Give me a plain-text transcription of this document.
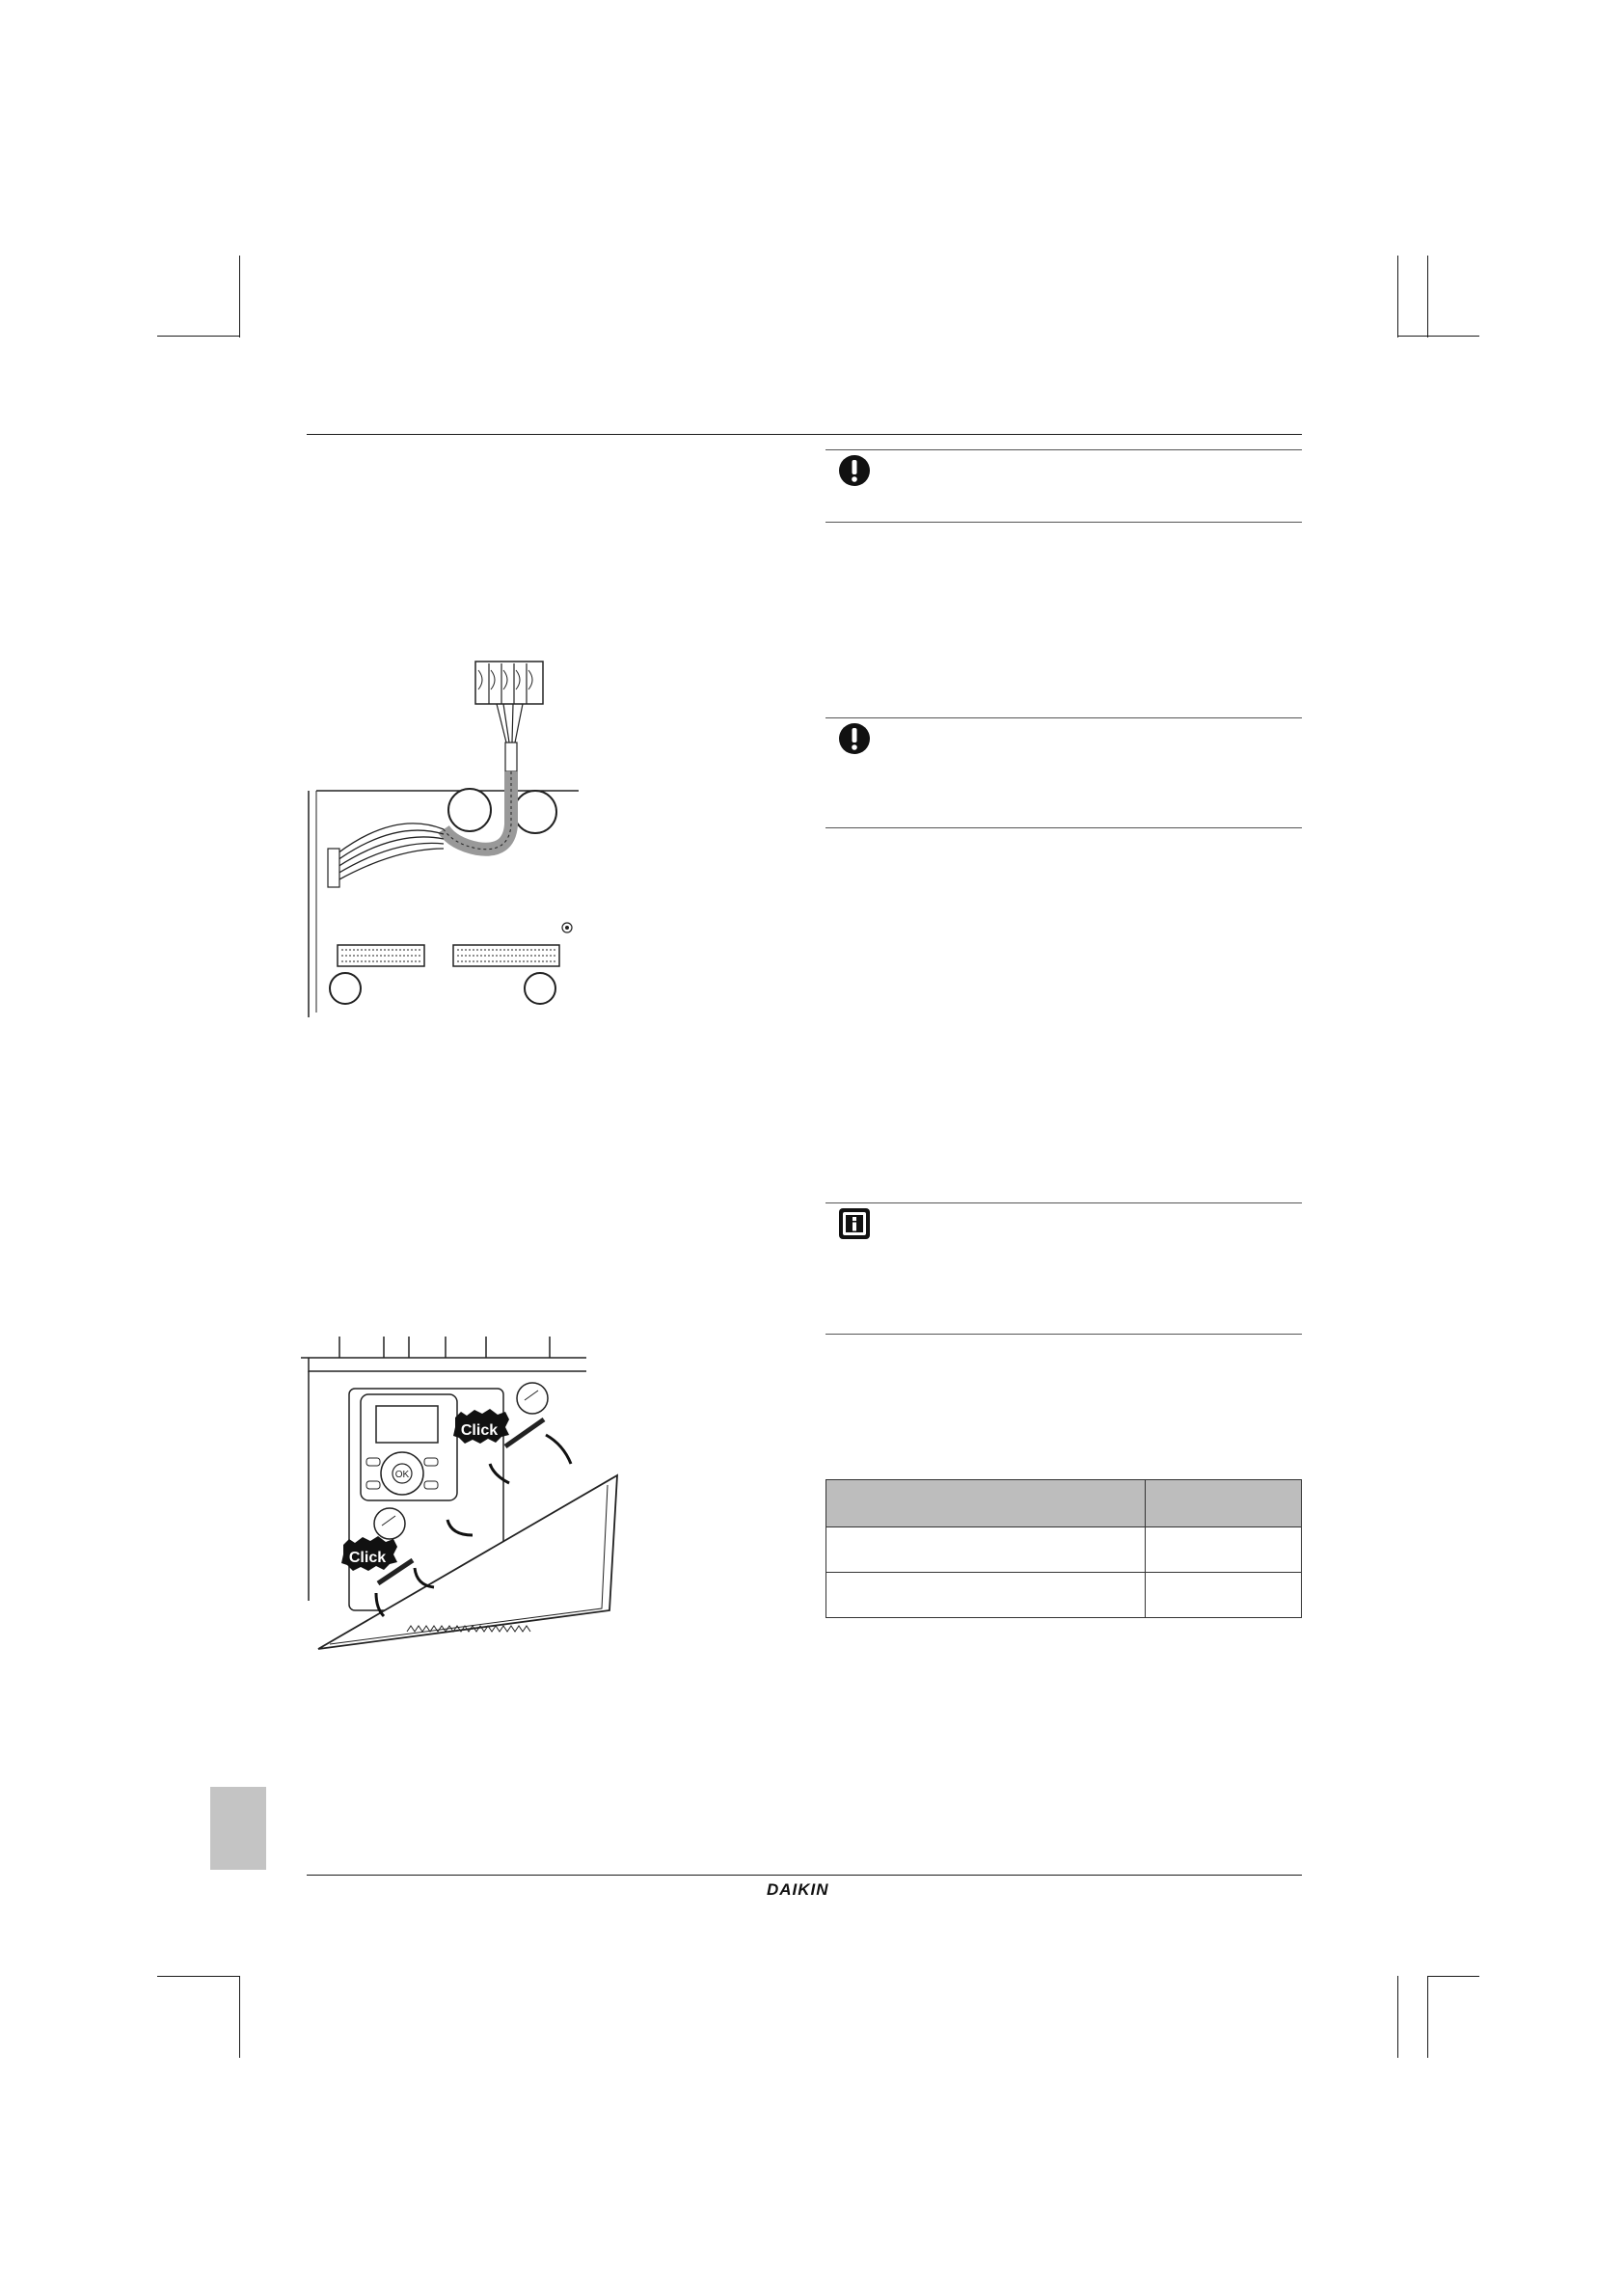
OK
Click
Click
DAIKIN
